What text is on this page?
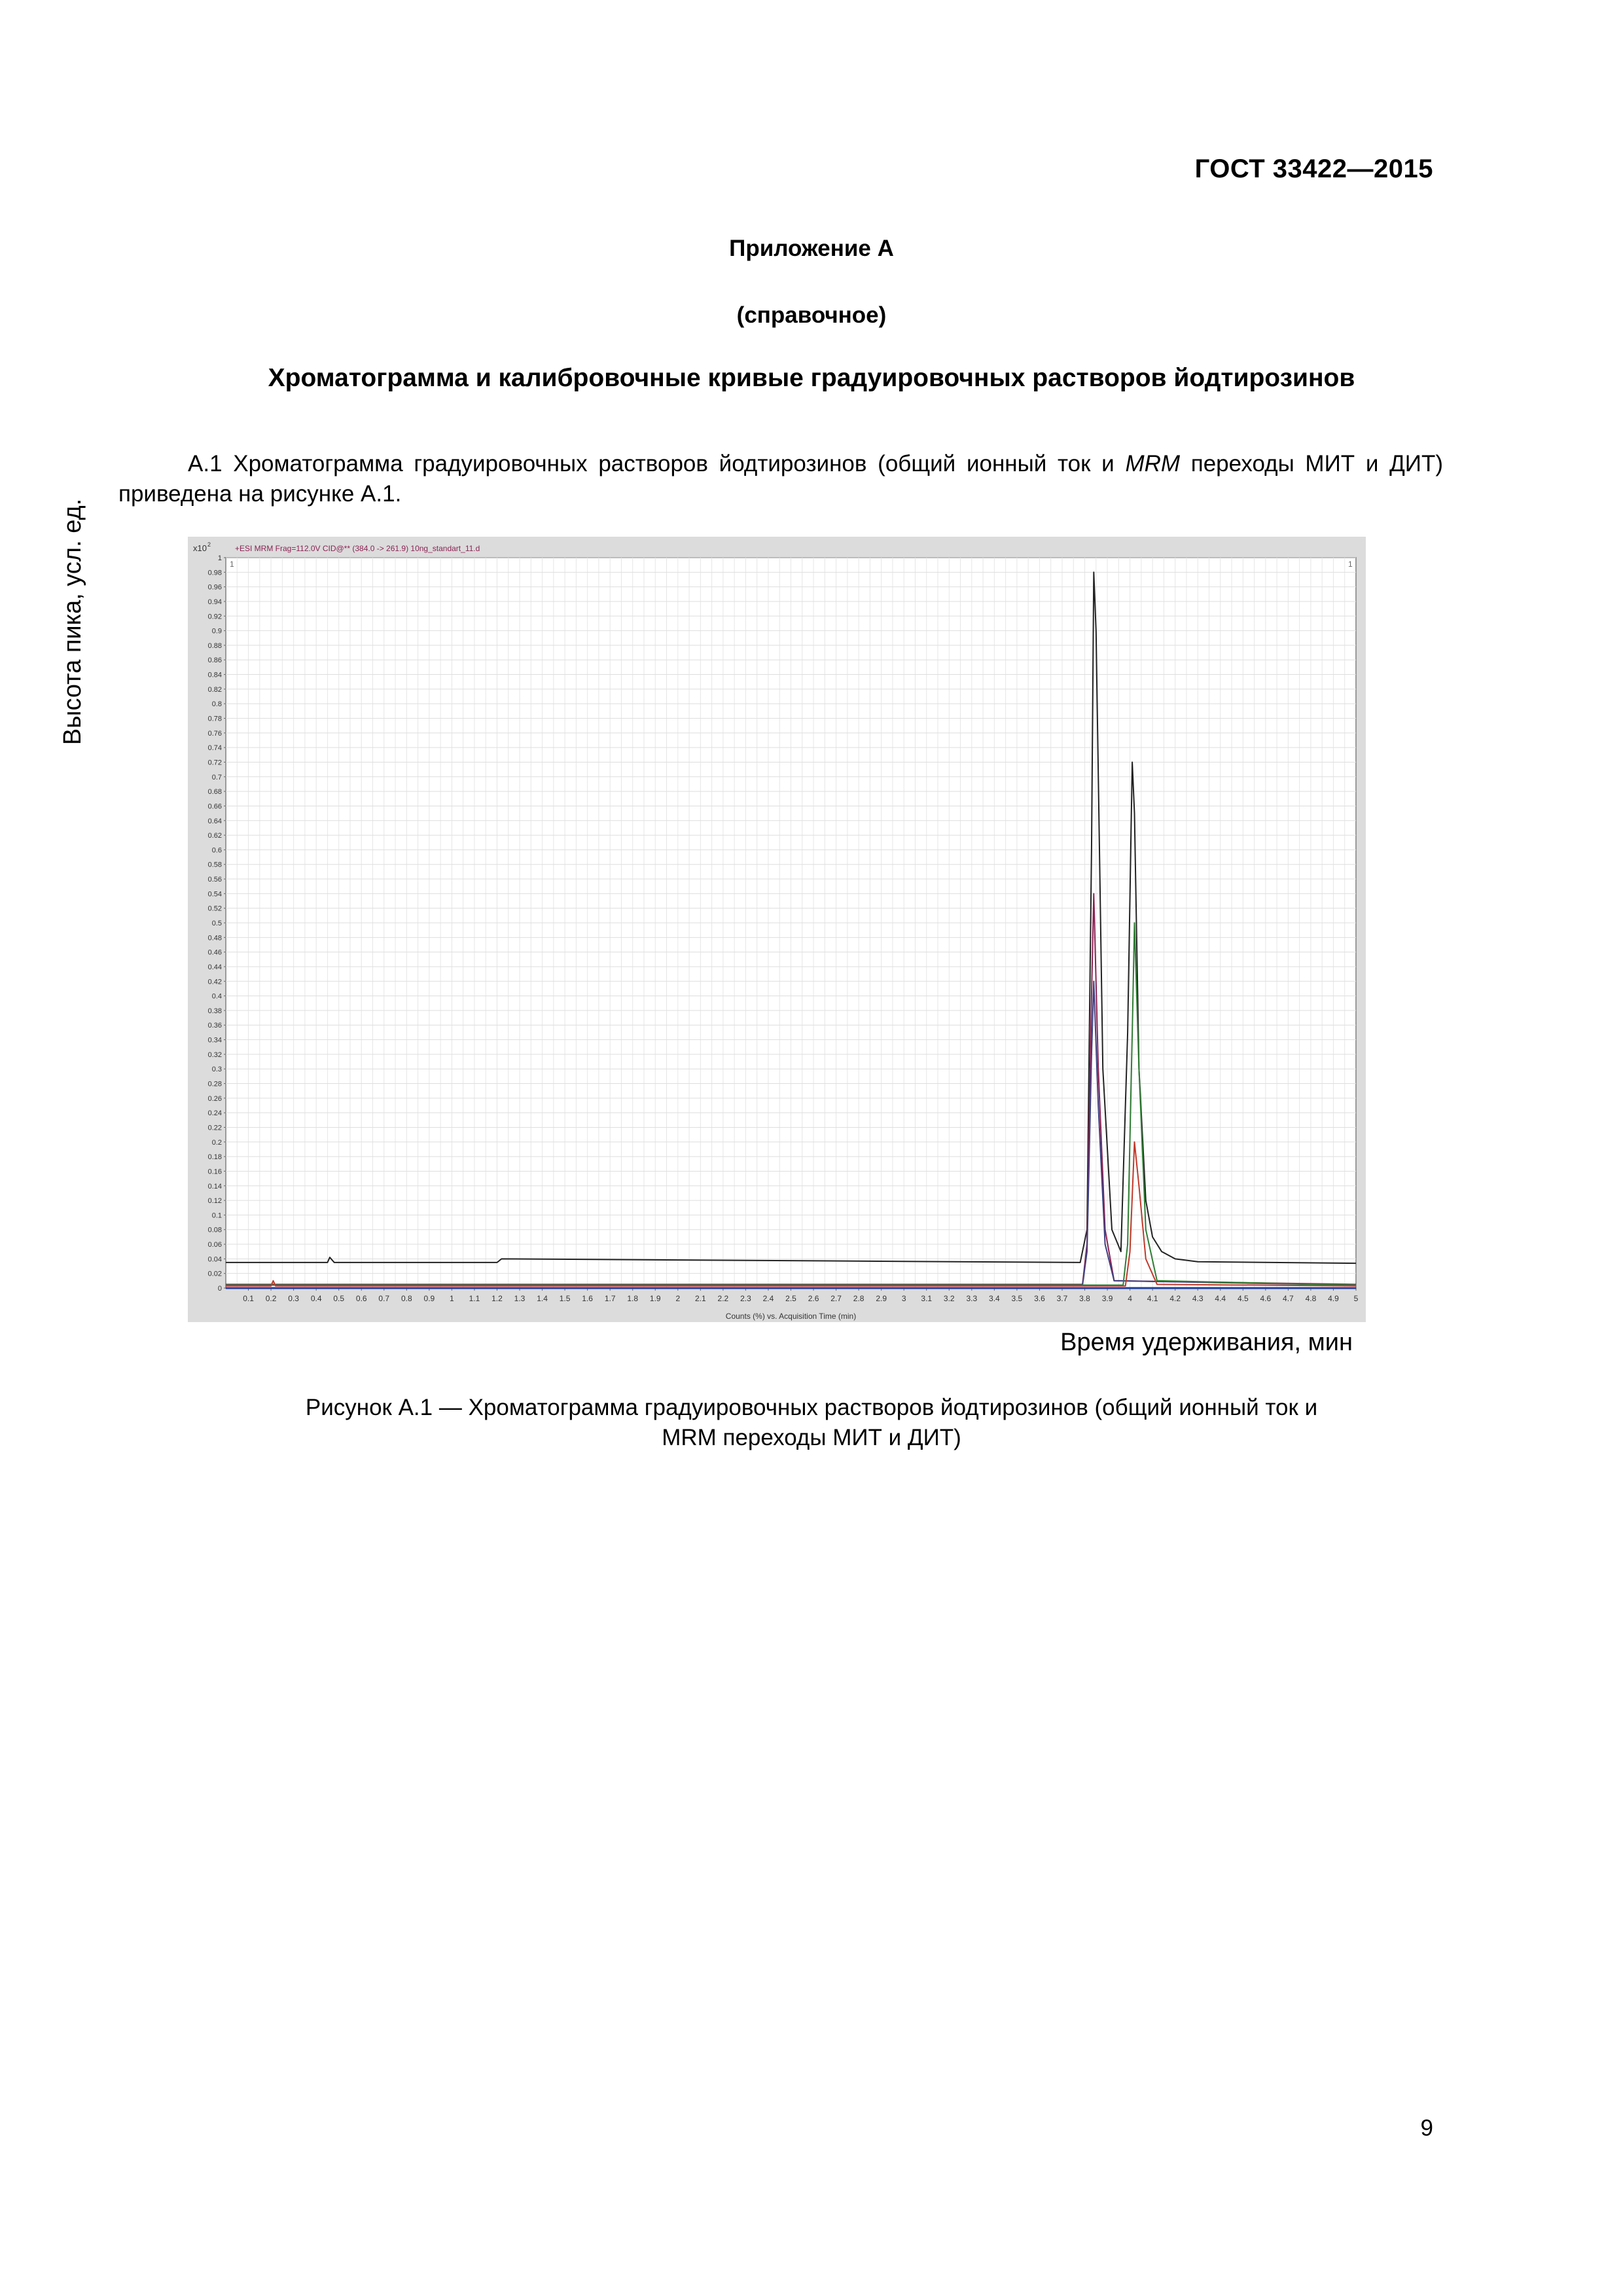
ГОСТ 33422—2015
Приложение А
(справочное)
Хроматограмма и калибровочные кривые градуировочных растворов йодтирозинов
А.1 Хроматограмма градуировочных растворов йодтирозинов (общий ионный ток и MRM переходы МИТ и ДИТ) приведена на рисунке А.1.
Высота пика, усл. ед.	+ESI MRM Frag=112.0V CID@** (384.0 -> 261.9) 10ng_standart_11.d
x10 2
1	1
0
0.02
0.04
0.06
0.08
0.1
0.12
0.14
0.16
0.18
0.2
0.22
0.24
0.26
0.28
0.3
0.32
0.34
0.36
0.38
0.4
0.42
0.44
0.46
0.48
0.5
0.52
0.54
0.56
0.58
0.6
0.62
0.64
0.66
0.68
0.7
0.72
0.74
0.76
0.78
0.8
0.82
0.84
0.86
0.88
0.9
0.92
0.94
0.96
0.98
1
0.1 0.2 0.3 0.4 0.5 0.6 0.7 0.8 0.9 1 1.1 1.2 1.3 1.4 1.5 1.6 1.7 1.8 1.9 2 2.1 2.2 2.3 2.4 2.5 2.6 2.7 2.8 2.9 3 3.1 3.2 3.3 3.4 3.5 3.6 3.7 3.8 3.9 4 4.1 4.2 4.3 4.4 4.5 4.6 4.7 4.8 4.9 5
Counts (%) vs. Acquisition Time (min)
Время удерживания, мин
Рисунок А.1 — Хроматограмма градуировочных растворов йодтирозинов (общий ионный ток и
MRM переходы МИТ и ДИТ)
9
